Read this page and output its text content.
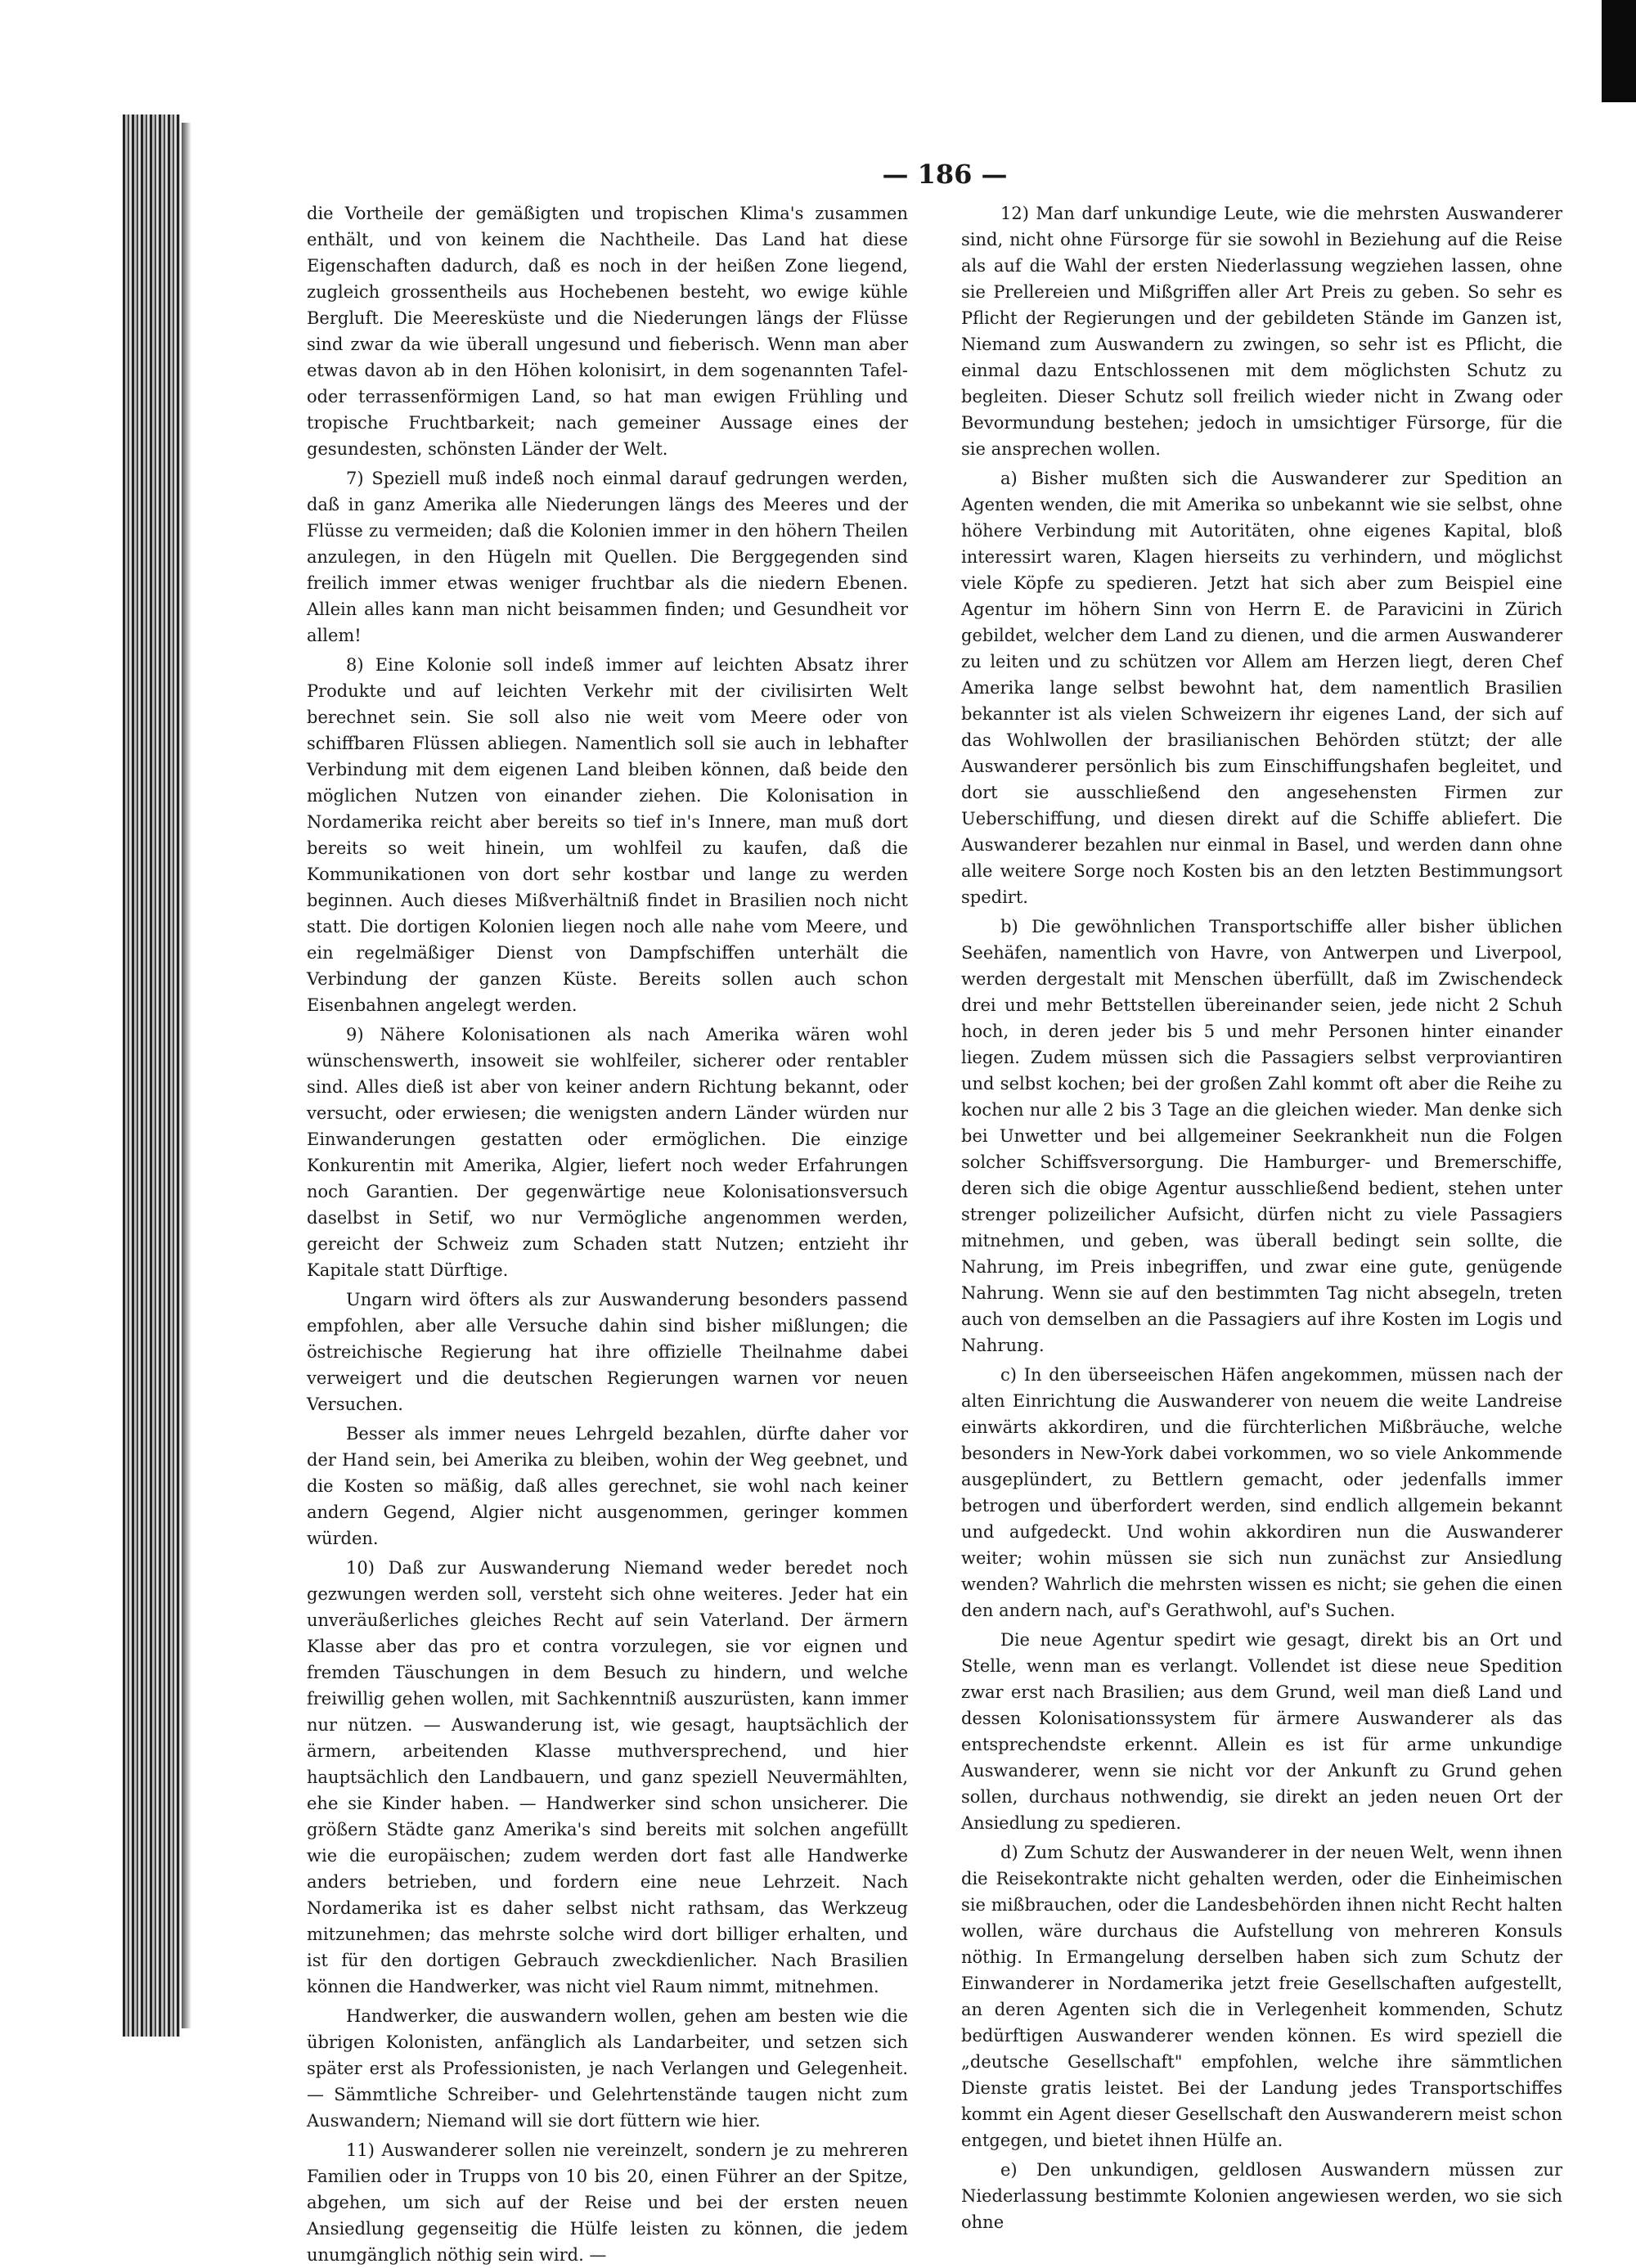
— 186 —

die Vortheile der gemäßigten und tropischen Klima's zusammen enthält, und von keinem die Nachtheile. Das Land hat diese Eigenschaften dadurch, daß es noch in der heißen Zone liegend, zugleich grossentheils aus Hochebenen besteht, wo ewige kühle Bergluft. Die Meeresküste und die Niederungen längs der Flüsse sind zwar da wie überall ungesund und fieberisch. Wenn man aber etwas davon ab in den Höhen kolonisirt, in dem sogenannten Tafel- oder terrassenförmigen Land, so hat man ewigen Frühling und tropische Fruchtbarkeit; nach gemeiner Aussage eines der gesundesten, schönsten Länder der Welt.

7) Speziell muß indeß noch einmal darauf gedrungen werden, daß in ganz Amerika alle Niederungen längs des Meeres und der Flüsse zu vermeiden; daß die Kolonien immer in den höhern Theilen anzulegen, in den Hügeln mit Quellen. Die Berggegenden sind freilich immer etwas weniger fruchtbar als die niedern Ebenen. Allein alles kann man nicht beisammen finden; und Gesundheit vor allem!

8) Eine Kolonie soll indeß immer auf leichten Absatz ihrer Produkte und auf leichten Verkehr mit der civilisirten Welt berechnet sein. Sie soll also nie weit vom Meere oder von schiffbaren Flüssen abliegen. Namentlich soll sie auch in lebhafter Verbindung mit dem eigenen Land bleiben können, daß beide den möglichen Nutzen von einander ziehen. Die Kolonisation in Nordamerika reicht aber bereits so tief in's Innere, man muß dort bereits so weit hinein, um wohlfeil zu kaufen, daß die Kommunikationen von dort sehr kostbar und lange zu werden beginnen. Auch dieses Mißverhältniß findet in Brasilien noch nicht statt. Die dortigen Kolonien liegen noch alle nahe vom Meere, und ein regelmäßiger Dienst von Dampfschiffen unterhält die Verbindung der ganzen Küste. Bereits sollen auch schon Eisenbahnen angelegt werden.

9) Nähere Kolonisationen als nach Amerika wären wohl wünschenswerth, insoweit sie wohlfeiler, sicherer oder rentabler sind. Alles dieß ist aber von keiner andern Richtung bekannt, oder versucht, oder erwiesen; die wenigsten andern Länder würden nur Einwanderungen gestatten oder ermöglichen. Die einzige Konkurentin mit Amerika, Algier, liefert noch weder Erfahrungen noch Garantien. Der gegenwärtige neue Kolonisationsversuch daselbst in Setif, wo nur Vermögliche angenommen werden, gereicht der Schweiz zum Schaden statt Nutzen; entzieht ihr Kapitale statt Dürftige.

Ungarn wird öfters als zur Auswanderung besonders passend empfohlen, aber alle Versuche dahin sind bisher mißlungen; die östreichische Regierung hat ihre offizielle Theilnahme dabei verweigert und die deutschen Regierungen warnen vor neuen Versuchen.

Besser als immer neues Lehrgeld bezahlen, dürfte daher vor der Hand sein, bei Amerika zu bleiben, wohin der Weg geebnet, und die Kosten so mäßig, daß alles gerechnet, sie wohl nach keiner andern Gegend, Algier nicht ausgenommen, geringer kommen würden.

10) Daß zur Auswanderung Niemand weder beredet noch gezwungen werden soll, versteht sich ohne weiteres. Jeder hat ein unveräußerliches gleiches Recht auf sein Vaterland. Der ärmern Klasse aber das pro et contra vorzulegen, sie vor eignen und fremden Täuschungen in dem Besuch zu hindern, und welche freiwillig gehen wollen, mit Sachkenntniß auszurüsten, kann immer nur nützen. — Auswanderung ist, wie gesagt, hauptsächlich der ärmern, arbeitenden Klasse muthversprechend, und hier hauptsächlich den Landbauern, und ganz speziell Neuvermählten, ehe sie Kinder haben. — Handwerker sind schon unsicherer. Die größern Städte ganz Amerika's sind bereits mit solchen angefüllt wie die europäischen; zudem werden dort fast alle Handwerke anders betrieben, und fordern eine neue Lehrzeit. Nach Nordamerika ist es daher selbst nicht rathsam, das Werkzeug mitzunehmen; das mehrste solche wird dort billiger erhalten, und ist für den dortigen Gebrauch zweckdienlicher. Nach Brasilien können die Handwerker, was nicht viel Raum nimmt, mitnehmen.

Handwerker, die auswandern wollen, gehen am besten wie die übrigen Kolonisten, anfänglich als Landarbeiter, und setzen sich später erst als Professionisten, je nach Verlangen und Gelegenheit. — Sämmtliche Schreiber- und Gelehrtenstände taugen nicht zum Auswandern; Niemand will sie dort füttern wie hier.

11) Auswanderer sollen nie vereinzelt, sondern je zu mehreren Familien oder in Trupps von 10 bis 20, einen Führer an der Spitze, abgehen, um sich auf der Reise und bei der ersten neuen Ansiedlung gegenseitig die Hülfe leisten zu können, die jedem unumgänglich nöthig sein wird. —

12) Man darf unkundige Leute, wie die mehrsten Auswanderer sind, nicht ohne Fürsorge für sie sowohl in Beziehung auf die Reise als auf die Wahl der ersten Niederlassung wegziehen lassen, ohne sie Prellereien und Mißgriffen aller Art Preis zu geben. So sehr es Pflicht der Regierungen und der gebildeten Stände im Ganzen ist, Niemand zum Auswandern zu zwingen, so sehr ist es Pflicht, die einmal dazu Entschlossenen mit dem möglichsten Schutz zu begleiten. Dieser Schutz soll freilich wieder nicht in Zwang oder Bevormundung bestehen; jedoch in umsichtiger Fürsorge, für die sie ansprechen wollen.

a) Bisher mußten sich die Auswanderer zur Spedition an Agenten wenden, die mit Amerika so unbekannt wie sie selbst, ohne höhere Verbindung mit Autoritäten, ohne eigenes Kapital, bloß interessirt waren, Klagen hierseits zu verhindern, und möglichst viele Köpfe zu spedieren. Jetzt hat sich aber zum Beispiel eine Agentur im höhern Sinn von Herrn E. de Paravicini in Zürich gebildet, welcher dem Land zu dienen, und die armen Auswanderer zu leiten und zu schützen vor Allem am Herzen liegt, deren Chef Amerika lange selbst bewohnt hat, dem namentlich Brasilien bekannter ist als vielen Schweizern ihr eigenes Land, der sich auf das Wohlwollen der brasilianischen Behörden stützt; der alle Auswanderer persönlich bis zum Einschiffungshafen begleitet, und dort sie ausschließend den angesehensten Firmen zur Ueberschiffung, und diesen direkt auf die Schiffe abliefert. Die Auswanderer bezahlen nur einmal in Basel, und werden dann ohne alle weitere Sorge noch Kosten bis an den letzten Bestimmungsort spedirt.

b) Die gewöhnlichen Transportschiffe aller bisher üblichen Seehäfen, namentlich von Havre, von Antwerpen und Liverpool, werden dergestalt mit Menschen überfüllt, daß im Zwischendeck drei und mehr Bettstellen übereinander seien, jede nicht 2 Schuh hoch, in deren jeder bis 5 und mehr Personen hinter einander liegen. Zudem müssen sich die Passagiers selbst verproviantiren und selbst kochen; bei der großen Zahl kommt oft aber die Reihe zu kochen nur alle 2 bis 3 Tage an die gleichen wieder. Man denke sich bei Unwetter und bei allgemeiner Seekrankheit nun die Folgen solcher Schiffsversorgung. Die Hamburger- und Bremerschiffe, deren sich die obige Agentur ausschließend bedient, stehen unter strenger polizeilicher Aufsicht, dürfen nicht zu viele Passagiers mitnehmen, und geben, was überall bedingt sein sollte, die Nahrung, im Preis inbegriffen, und zwar eine gute, genügende Nahrung. Wenn sie auf den bestimmten Tag nicht absegeln, treten auch von demselben an die Passagiers auf ihre Kosten im Logis und Nahrung.

c) In den überseeischen Häfen angekommen, müssen nach der alten Einrichtung die Auswanderer von neuem die weite Landreise einwärts akkordiren, und die fürchterlichen Mißbräuche, welche besonders in New-York dabei vorkommen, wo so viele Ankommende ausgeplündert, zu Bettlern gemacht, oder jedenfalls immer betrogen und überfordert werden, sind endlich allgemein bekannt und aufgedeckt. Und wohin akkordiren nun die Auswanderer weiter; wohin müssen sie sich nun zunächst zur Ansiedlung wenden? Wahrlich die mehrsten wissen es nicht; sie gehen die einen den andern nach, auf's Gerathwohl, auf's Suchen.

Die neue Agentur spedirt wie gesagt, direkt bis an Ort und Stelle, wenn man es verlangt. Vollendet ist diese neue Spedition zwar erst nach Brasilien; aus dem Grund, weil man dieß Land und dessen Kolonisationssystem für ärmere Auswanderer als das entsprechendste erkennt. Allein es ist für arme unkundige Auswanderer, wenn sie nicht vor der Ankunft zu Grund gehen sollen, durchaus nothwendig, sie direkt an jeden neuen Ort der Ansiedlung zu spedieren.

d) Zum Schutz der Auswanderer in der neuen Welt, wenn ihnen die Reisekontrakte nicht gehalten werden, oder die Einheimischen sie mißbrauchen, oder die Landesbehörden ihnen nicht Recht halten wollen, wäre durchaus die Aufstellung von mehreren Konsuls nöthig. In Ermangelung derselben haben sich zum Schutz der Einwanderer in Nordamerika jetzt freie Gesellschaften aufgestellt, an deren Agenten sich die in Verlegenheit kommenden, Schutz bedürftigen Auswanderer wenden können. Es wird speziell die „deutsche Gesellschaft" empfohlen, welche ihre sämmtlichen Dienste gratis leistet. Bei der Landung jedes Transportschiffes kommt ein Agent dieser Gesellschaft den Auswanderern meist schon entgegen, und bietet ihnen Hülfe an.

e) Den unkundigen, geldlosen Auswandern müssen zur Niederlassung bestimmte Kolonien angewiesen werden, wo sie sich ohne
